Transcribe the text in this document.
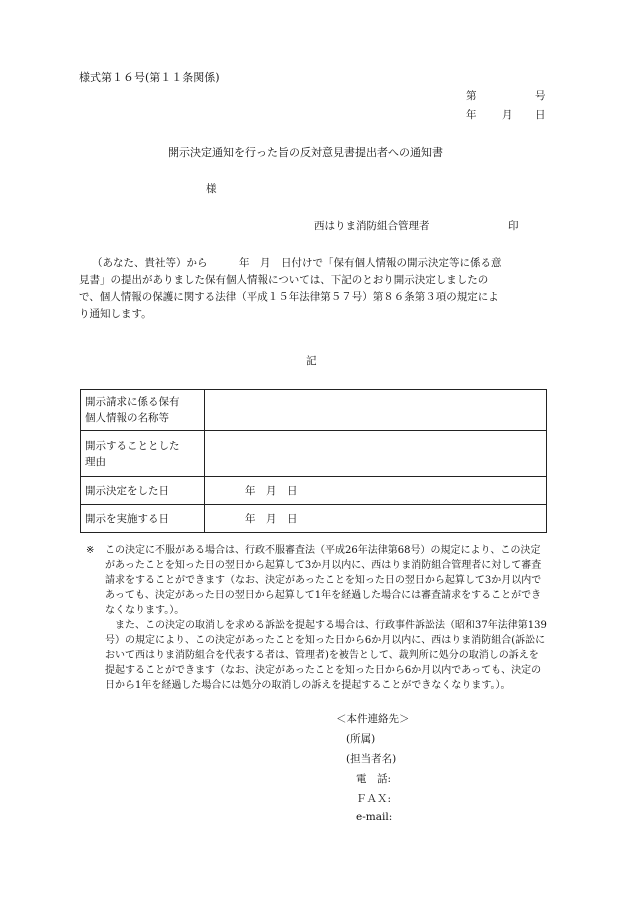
様式第１６号(第１１条関係)
第	号
年 月 日
開示決定通知を行った旨の反対意見書提出者への通知書
様
西はりま消防組合管理者	印

（あなた、貴社等）から　　　年　月　日付けで「保有個人情報の開示決定等に係る意

見書」の提出がありました保有個人情報については、下記のとおり開示決定しましたの

で、個人情報の保護に関する法律（平成１５年法律第５７号）第８６条第３項の規定によ

り通知します。

記
開示請求に係る保有
個人情報の名称等	

開示することとした
理由	

開示決定をした日	年　月　日
開示を実施する日	年　月　日
※	この決定に不服がある場合は、行政不服審査法（平成26年法律第68号）の規定により、この決定があったことを知った日の翌日から起算して3か月以内に、西はりま消防組合管理者に対して審査請求をすることができます（なお、決定があったことを知った日の翌日から起算して3か月以内であっても、決定があった日の翌日から起算して1年を経過した場合には審査請求をすることができなくなります。）。

また、この決定の取消しを求める訴訟を提起する場合は、行政事件訴訟法（昭和37年法律第139号）の規定により、この決定があったことを知った日から6か月以内に、西はりま消防組合(訴訟において西はりま消防組合を代表する者は、管理者)を被告として、裁判所に処分の取消しの訴えを提起することができます（なお、決定があったことを知った日から6か月以内であっても、決定の日から1年を経過した場合には処分の取消しの訴えを提起することができなくなります。）。

＜本件連絡先＞
(所属)
(担当者名)
電　話:
ＦＡＸ:
e-mail:
